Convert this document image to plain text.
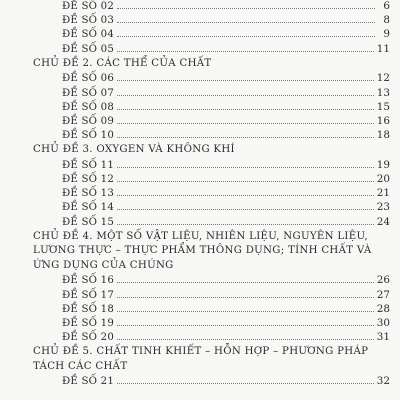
ĐỀ SỐ 02	6
ĐỀ SỐ 03	8
ĐỀ SỐ 04	9
ĐỀ SỐ 05	11
CHỦ ĐỀ 2. CÁC THỂ CỦA CHẤT
ĐỀ SỐ 06	12
ĐỀ SỐ 07	13
ĐỀ SỐ 08	15
ĐỀ SỐ 09	16
ĐỀ SỐ 10	18
CHỦ ĐỀ 3. OXYGEN VÀ KHÔNG KHÍ
ĐỀ SỐ 11	19
ĐỀ SỐ 12	20
ĐỀ SỐ 13	21
ĐỀ SỐ 14	23
ĐỀ SỐ 15	24
CHỦ ĐỀ 4. MỘT SỐ VẬT LIỆU, NHIÊN LIỆU, NGUYÊN LIỆU, LƯƠNG THỰC – THỰC PHẨM THÔNG DỤNG; TÍNH CHẤT VÀ ỨNG DỤNG CỦA CHÚNG
ĐỀ SỐ 16	26
ĐỀ SỐ 17	27
ĐỀ SỐ 18	28
ĐỀ SỐ 19	30
ĐỀ SỐ 20	31
CHỦ ĐỀ 5. CHẤT TINH KHIẾT – HỖN HỢP – PHƯƠNG PHÁP TÁCH CÁC CHẤT
ĐỀ SỐ 21	32
